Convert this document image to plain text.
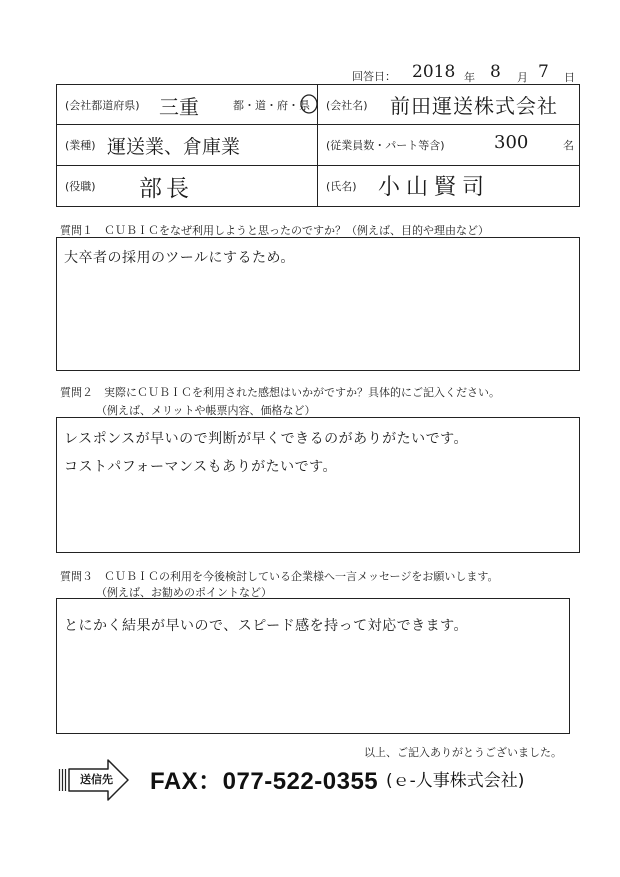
回答日： 2018 年 8 月 7 日
(会社都道府県) 三重	都・道・府・県 (会社名) 前田運送株式会社
(業種) 運送業、倉庫業	(従業員数・パート等含)	300	名
(役職) 部長	(氏名) 小山賢司
質問１　ＣＵＢＩＣをなぜ利用しようと思ったのですか？（例えば、目的や理由など）
大卒者の採用のツールにするため。
質問２　実際にＣＵＢＩＣを利用された感想はいかがですか？具体的にご記入ください。
（例えば、メリットや帳票内容、価格など）
レスポンスが早いので判断が早くできるのがありがたいです。
コストパフォーマンスもありがたいです。
質問３　ＣＵＢＩＣの利用を今後検討している企業様へ一言メッセージをお願いします。
（例えば、お勧めのポイントなど）
とにかく結果が早いので、スピード感を持って対応できます。
以上、ご記入ありがとうございました。
送信先 FAX：077-522-0355 (ｅ-人事株式会社)
